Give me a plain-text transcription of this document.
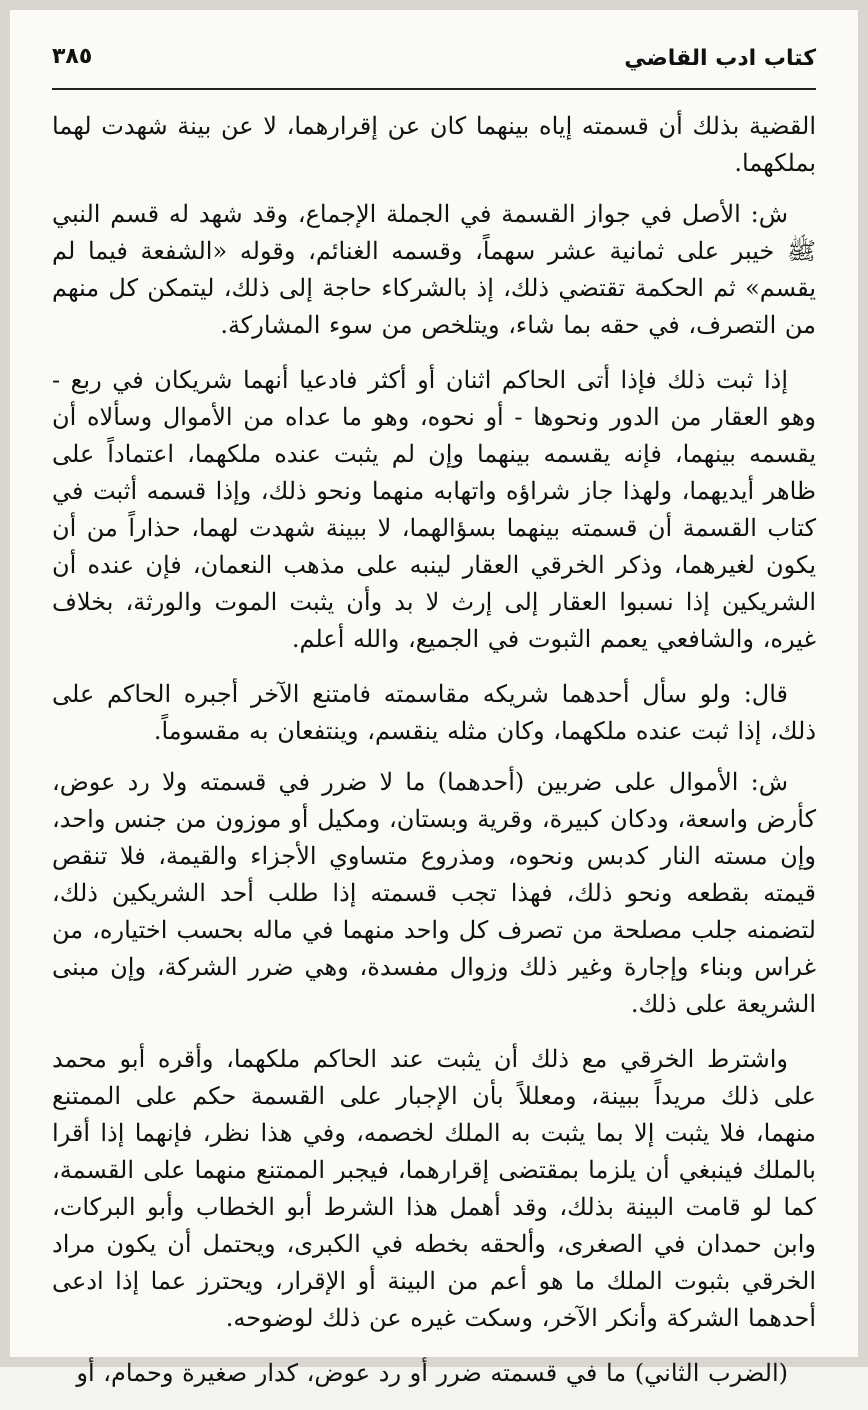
كتاب ادب القاضي
٣٨٥

القضية بذلك أن قسمته إياه بينهما كان عن إقرارهما، لا عن بينة شهدت لهما بملكهما.

ش: الأصل في جواز القسمة في الجملة الإجماع، وقد شهد له قسم النبي ﷺ خيبر على ثمانية عشر سهماً، وقسمه الغنائم، وقوله «الشفعة فيما لم يقسم» ثم الحكمة تقتضي ذلك، إذ بالشركاء حاجة إلى ذلك، ليتمكن كل منهم من التصرف، في حقه بما شاء، ويتلخص من سوء المشاركة.

إذا ثبت ذلك فإذا أتى الحاكم اثنان أو أكثر فادعيا أنهما شريكان في ربع - وهو العقار من الدور ونحوها - أو نحوه، وهو ما عداه من الأموال وسألاه أن يقسمه بينهما، فإنه يقسمه بينهما وإن لم يثبت عنده ملكهما، اعتماداً على ظاهر أيديهما، ولهذا جاز شراؤه واتهابه منهما ونحو ذلك، وإذا قسمه أثبت في كتاب القسمة أن قسمته بينهما بسؤالهما، لا ببينة شهدت لهما، حذاراً من أن يكون لغيرهما، وذكر الخرقي العقار لينبه على مذهب النعمان، فإن عنده أن الشريكين إذا نسبوا العقار إلى إرث لا بد وأن يثبت الموت والورثة، بخلاف غيره، والشافعي يعمم الثبوت في الجميع، والله أعلم.

قال: ولو سأل أحدهما شريكه مقاسمته فامتنع الآخر أجبره الحاكم على ذلك، إذا ثبت عنده ملكهما، وكان مثله ينقسم، وينتفعان به مقسوماً.

ش: الأموال على ضربين (أحدهما) ما لا ضرر في قسمته ولا رد عوض، كأرض واسعة، ودكان كبيرة، وقرية وبستان، ومكيل أو موزون من جنس واحد، وإن مسته النار كدبس ونحوه، ومذروع متساوي الأجزاء والقيمة، فلا تنقص قيمته بقطعه ونحو ذلك، فهذا تجب قسمته إذا طلب أحد الشريكين ذلك، لتضمنه جلب مصلحة من تصرف كل واحد منهما في ماله بحسب اختياره، من غراس وبناء وإجارة وغير ذلك وزوال مفسدة، وهي ضرر الشركة، وإن مبنى الشريعة على ذلك.

واشترط الخرقي مع ذلك أن يثبت عند الحاكم ملكهما، وأقره أبو محمد على ذلك مريداً ببينة، ومعللاً بأن الإجبار على القسمة حكم على الممتنع منهما، فلا يثبت إلا بما يثبت به الملك لخصمه، وفي هذا نظر، فإنهما إذا أقرا بالملك فينبغي أن يلزما بمقتضى إقرارهما، فيجبر الممتنع منهما على القسمة، كما لو قامت البينة بذلك، وقد أهمل هذا الشرط أبو الخطاب وأبو البركات، وابن حمدان في الصغرى، وألحقه بخطه في الكبرى، ويحتمل أن يكون مراد الخرقي بثبوت الملك ما هو أعم من البينة أو الإقرار، ويحترز عما إذا ادعى أحدهما الشركة وأنكر الآخر، وسكت غيره عن ذلك لوضوحه.

(الضرب الثاني) ما في قسمته ضرر أو رد عوض، كدار صغيرة وحمام، أو
